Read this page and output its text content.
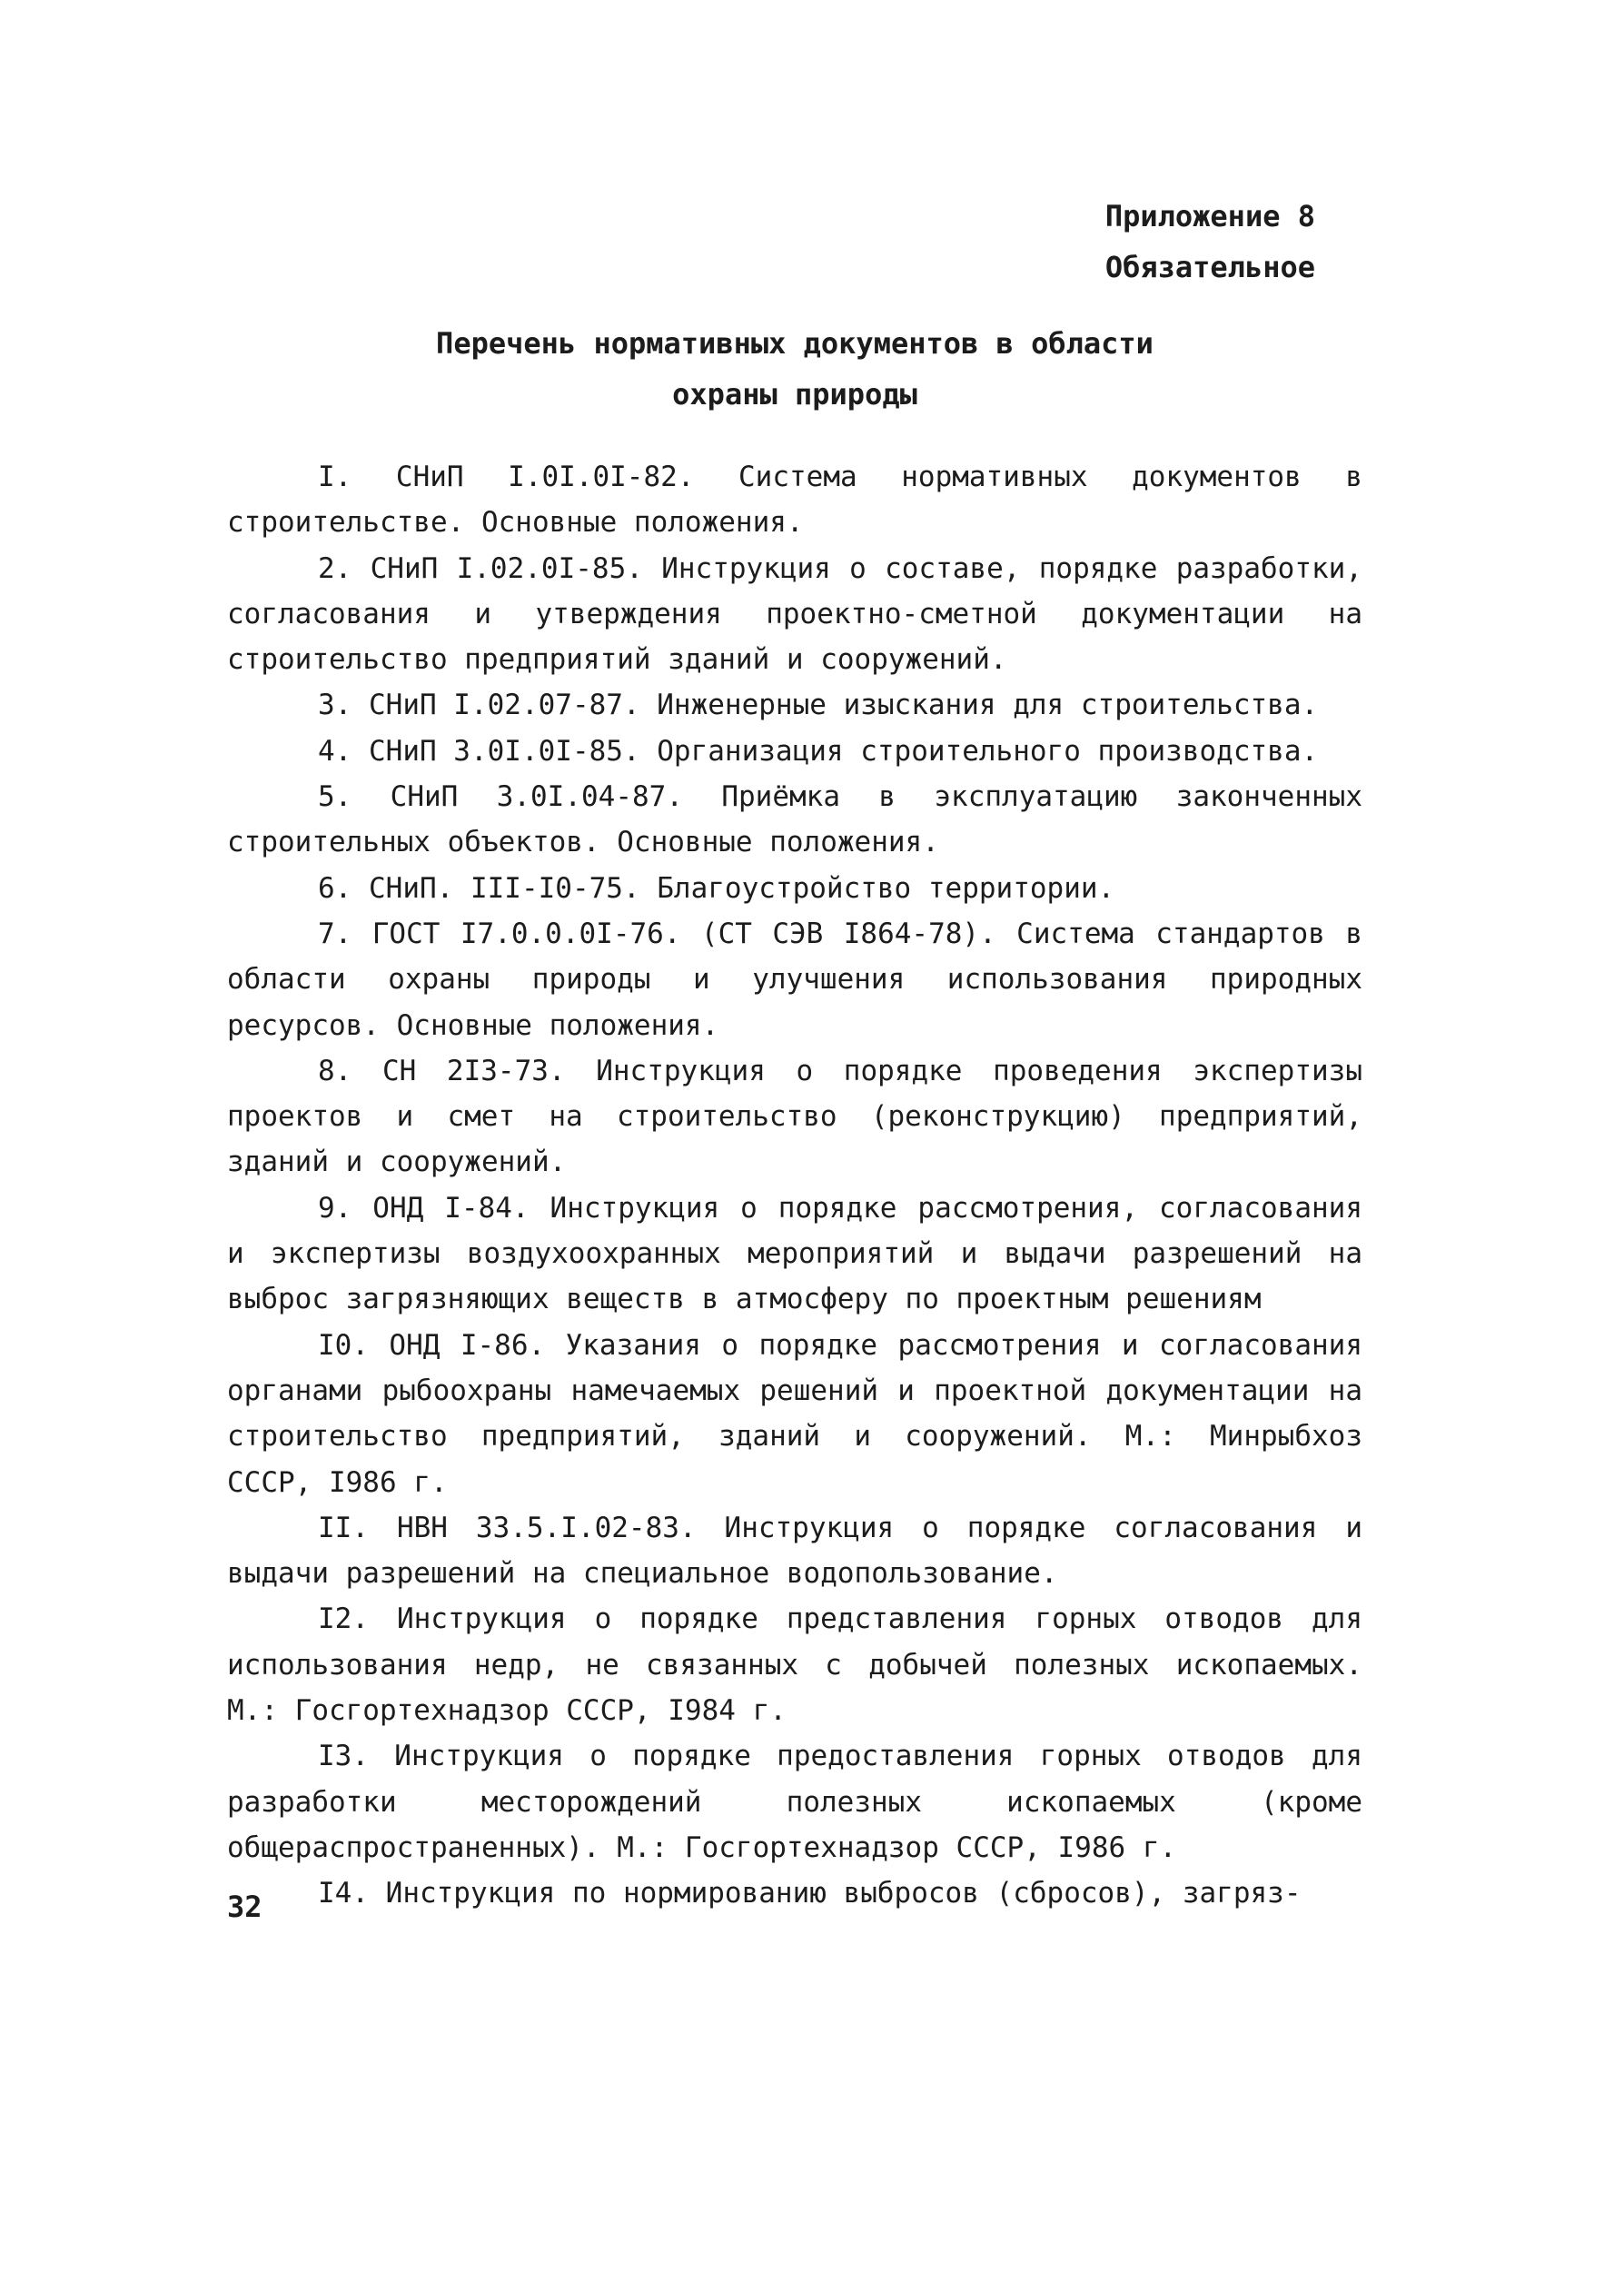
Приложение 8
Обязательное
Перечень нормативных документов в области
охраны природы

I. СНиП I.0I.0I-82. Система нормативных документов в строительстве. Основные положения.

2. СНиП I.02.0I-85. Инструкция о составе, порядке разработки, согласования и утверждения проектно-сметной документации на строительство предприятий зданий и сооружений.

3. СНиП I.02.07-87. Инженерные изыскания для строительства.

4. СНиП 3.0I.0I-85. Организация строительного производства.

5. СНиП 3.0I.04-87. Приёмка в эксплуатацию законченных строительных объектов. Основные положения.

6. СНиП. III-I0-75. Благоустройство территории.

7. ГОСТ I7.0.0.0I-76. (СТ СЭВ I864-78). Система стандартов в области охраны природы и улучшения использования природных ресурсов. Основные положения.

8. СН 2I3-73. Инструкция о порядке проведения экспертизы проектов и смет на строительство (реконструкцию) предприятий, зданий и сооружений.

9. ОНД I-84. Инструкция о порядке рассмотрения, согласования и экспертизы воздухоохранных мероприятий и выдачи разрешений на выброс загрязняющих веществ в атмосферу по проектным решениям

I0. ОНД I-86. Указания о порядке рассмотрения и согласования органами рыбоохраны намечаемых решений и проектной документации на строительство предприятий, зданий и сооружений. М.: Минрыбхоз СССР, I986 г.

II. НВН 33.5.I.02-83. Инструкция о порядке согласования и выдачи разрешений на специальное водопользование.

I2. Инструкция о порядке представления горных отводов для использования недр, не связанных с добычей полезных ископаемых. М.: Госгортехнадзор СССР, I984 г.

I3. Инструкция о порядке предоставления горных отводов для разработки месторождений полезных ископаемых (кроме общераспространенных). М.: Госгортехнадзор СССР, I986 г.

I4. Инструкция по нормированию выбросов (сбросов), загряз-

32
